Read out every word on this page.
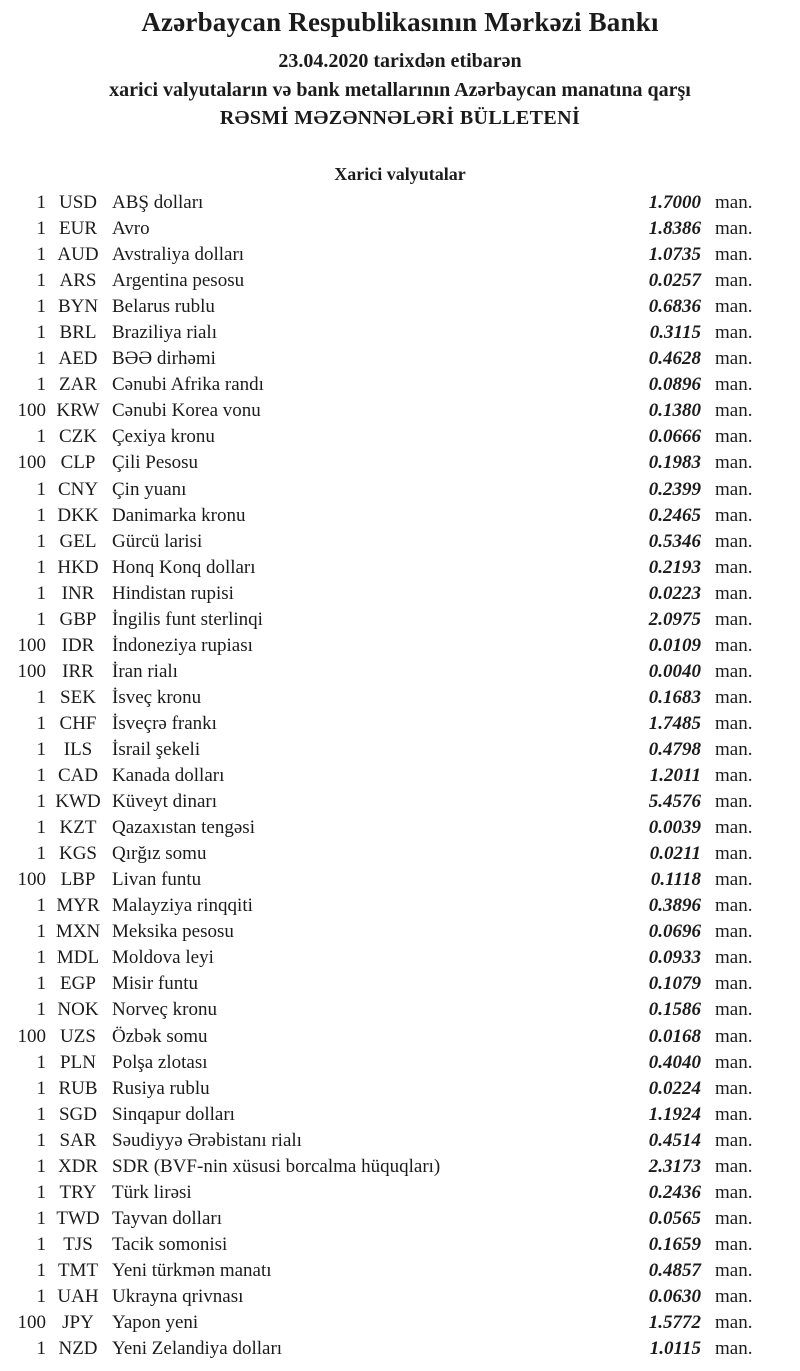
Azərbaycan Respublikasının Mərkəzi Bankı
23.04.2020 tarixdən etibarən
xarici valyutaların və bank metallarının Azərbaycan manatına qarşı
RƏSMİ MƏZƏNNƏLƏRİ BÜLLETENİ
Xarici valyutalar
1 USD ABŞ dolları	1.7000 man.
1 EUR Avro	1.8386 man.
1 AUD Avstraliya dolları	1.0735 man.
1 ARS Argentina pesosu	0.0257 man.
1 BYN Belarus rublu	0.6836 man.
1 BRL Braziliya rialı	0.3115 man.
1 AED BƏƏ dirhəmi	0.4628 man.
1 ZAR Cənubi Afrika randı	0.0896 man.
100 KRW Cənubi Korea vonu	0.1380 man.
1 CZK Çexiya kronu	0.0666 man.
100 CLP Çili Pesosu	0.1983 man.
1 CNY Çin yuanı	0.2399 man.
1 DKK Danimarka kronu	0.2465 man.
1 GEL Gürcü larisi	0.5346 man.
1 HKD Honq Konq dolları	0.2193 man.
1 INR Hindistan rupisi	0.0223 man.
1 GBP İngilis funt sterlinqi	2.0975 man.
100 IDR İndoneziya rupiası	0.0109 man.
100 IRR İran rialı	0.0040 man.
1 SEK İsveç kronu	0.1683 man.
1 CHF İsveçrə frankı	1.7485 man.
1 ILS	İsrail şekeli	0.4798 man.
1 CAD Kanada dolları	1.2011 man.
1 KWD Küveyt dinarı	5.4576 man.
1 KZT Qazaxıstan tengəsi	0.0039 man.
1 KGS Qırğız somu	0.0211 man.
100 LBP Livan funtu	0.1118 man.
1 MYR Malayziya rinqqiti	0.3896 man.
1 MXN Meksika pesosu	0.0696 man.
1 MDL Moldova leyi	0.0933 man.
1 EGP Misir funtu	0.1079 man.
1 NOK Norveç kronu	0.1586 man.
100 UZS Özbək somu	0.0168 man.
1 PLN Polşa zlotası	0.4040 man.
1 RUB Rusiya rublu	0.0224 man.
1 SGD Sinqapur dolları	1.1924 man.
1 SAR Səudiyyə Ərəbistanı rialı	0.4514 man.
1 XDR SDR (BVF-nin xüsusi borcalma hüquqları)	2.3173 man.
1 TRY Türk lirəsi	0.2436 man.
1 TWD Tayvan dolları	0.0565 man.
1 TJS	Tacik somonisi	0.1659 man.
1 TMT Yeni türkmən manatı	0.4857 man.
1 UAH Ukrayna qrivnası	0.0630 man.
100 JPY Yapon yeni	1.5772 man.
1 NZD Yeni Zelandiya dolları	1.0115 man.
